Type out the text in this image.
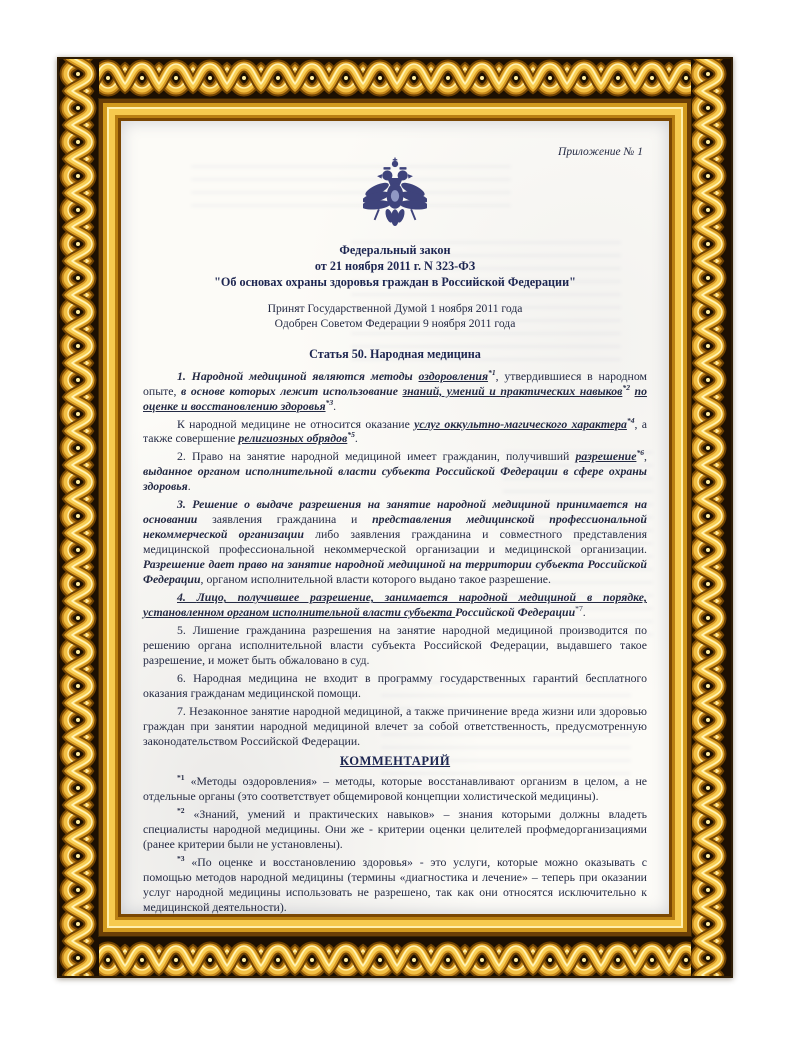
Приложение № 1
Федеральный закон
от 21 ноября 2011 г. N 323-ФЗ
"Об основах охраны здоровья граждан в Российской Федерации"
Принят Государственной Думой 1 ноября 2011 года
Одобрен Советом Федерации 9 ноября 2011 года
Статья 50. Народная медицина

1. Народной медициной являются методы оздоровления$^{*1}$, утвердившиеся в народном опыте, в основе которых лежит использование знаний, умений и практических навыков$^{*2}$ по оценке и восстановлению здоровья$^{*3}$.

К народной медицине не относится оказание услуг оккультно-магического характера$^{*4}$, а также совершение религиозных обрядов$^{*5}$.

2. Право на занятие народной медициной имеет гражданин, получивший разрешение$^{*6}$, выданное органом исполнительной власти субъекта Российской Федерации в сфере охраны здоровья.

3. Решение о выдаче разрешения на занятие народной медициной принимается на основании заявления гражданина и представления медицинской профессиональной некоммерческой организации либо заявления гражданина и совместного представления медицинской профессиональной некоммерческой организации и медицинской организации. Разрешение дает право на занятие народной медициной на территории субъекта Российской Федерации, органом исполнительной власти которого выдано такое разрешение.

4. Лицо, получившее разрешение, занимается народной медициной в порядке, установленном органом исполнительной власти субъекта Российской Федерации$^{*7}$.

5. Лишение гражданина разрешения на занятие народной медициной производится по решению органа исполнительной власти субъекта Российской Федерации, выдавшего такое разрешение, и может быть обжаловано в суд.

6. Народная медицина не входит в программу государственных гарантий бесплатного оказания гражданам медицинской помощи.

7. Незаконное занятие народной медициной, а также причинение вреда жизни или здоровью граждан при занятии народной медициной влечет за собой ответственность, предусмотренную законодательством Российской Федерации.

КОММЕНТАРИЙ

$^{*1}$ «Методы оздоровления» – методы, которые восстанавливают организм в целом, а не отдельные органы (это соответствует общемировой концепции холистической медицины).

$^{*2}$ «Знаний, умений и практических навыков» – знания которыми должны владеть специалисты народной медицины. Они же - критерии оценки целителей профмедорганизациями (ранее критерии были не установлены).

$^{*3}$ «По оценке и восстановлению здоровья» - это услуги, которые можно оказывать с помощью методов народной медицины (термины «диагностика и лечение» – теперь при оказании услуг народной медицины использовать не разрешено, так как они относятся исключительно к медицинской деятельности).
